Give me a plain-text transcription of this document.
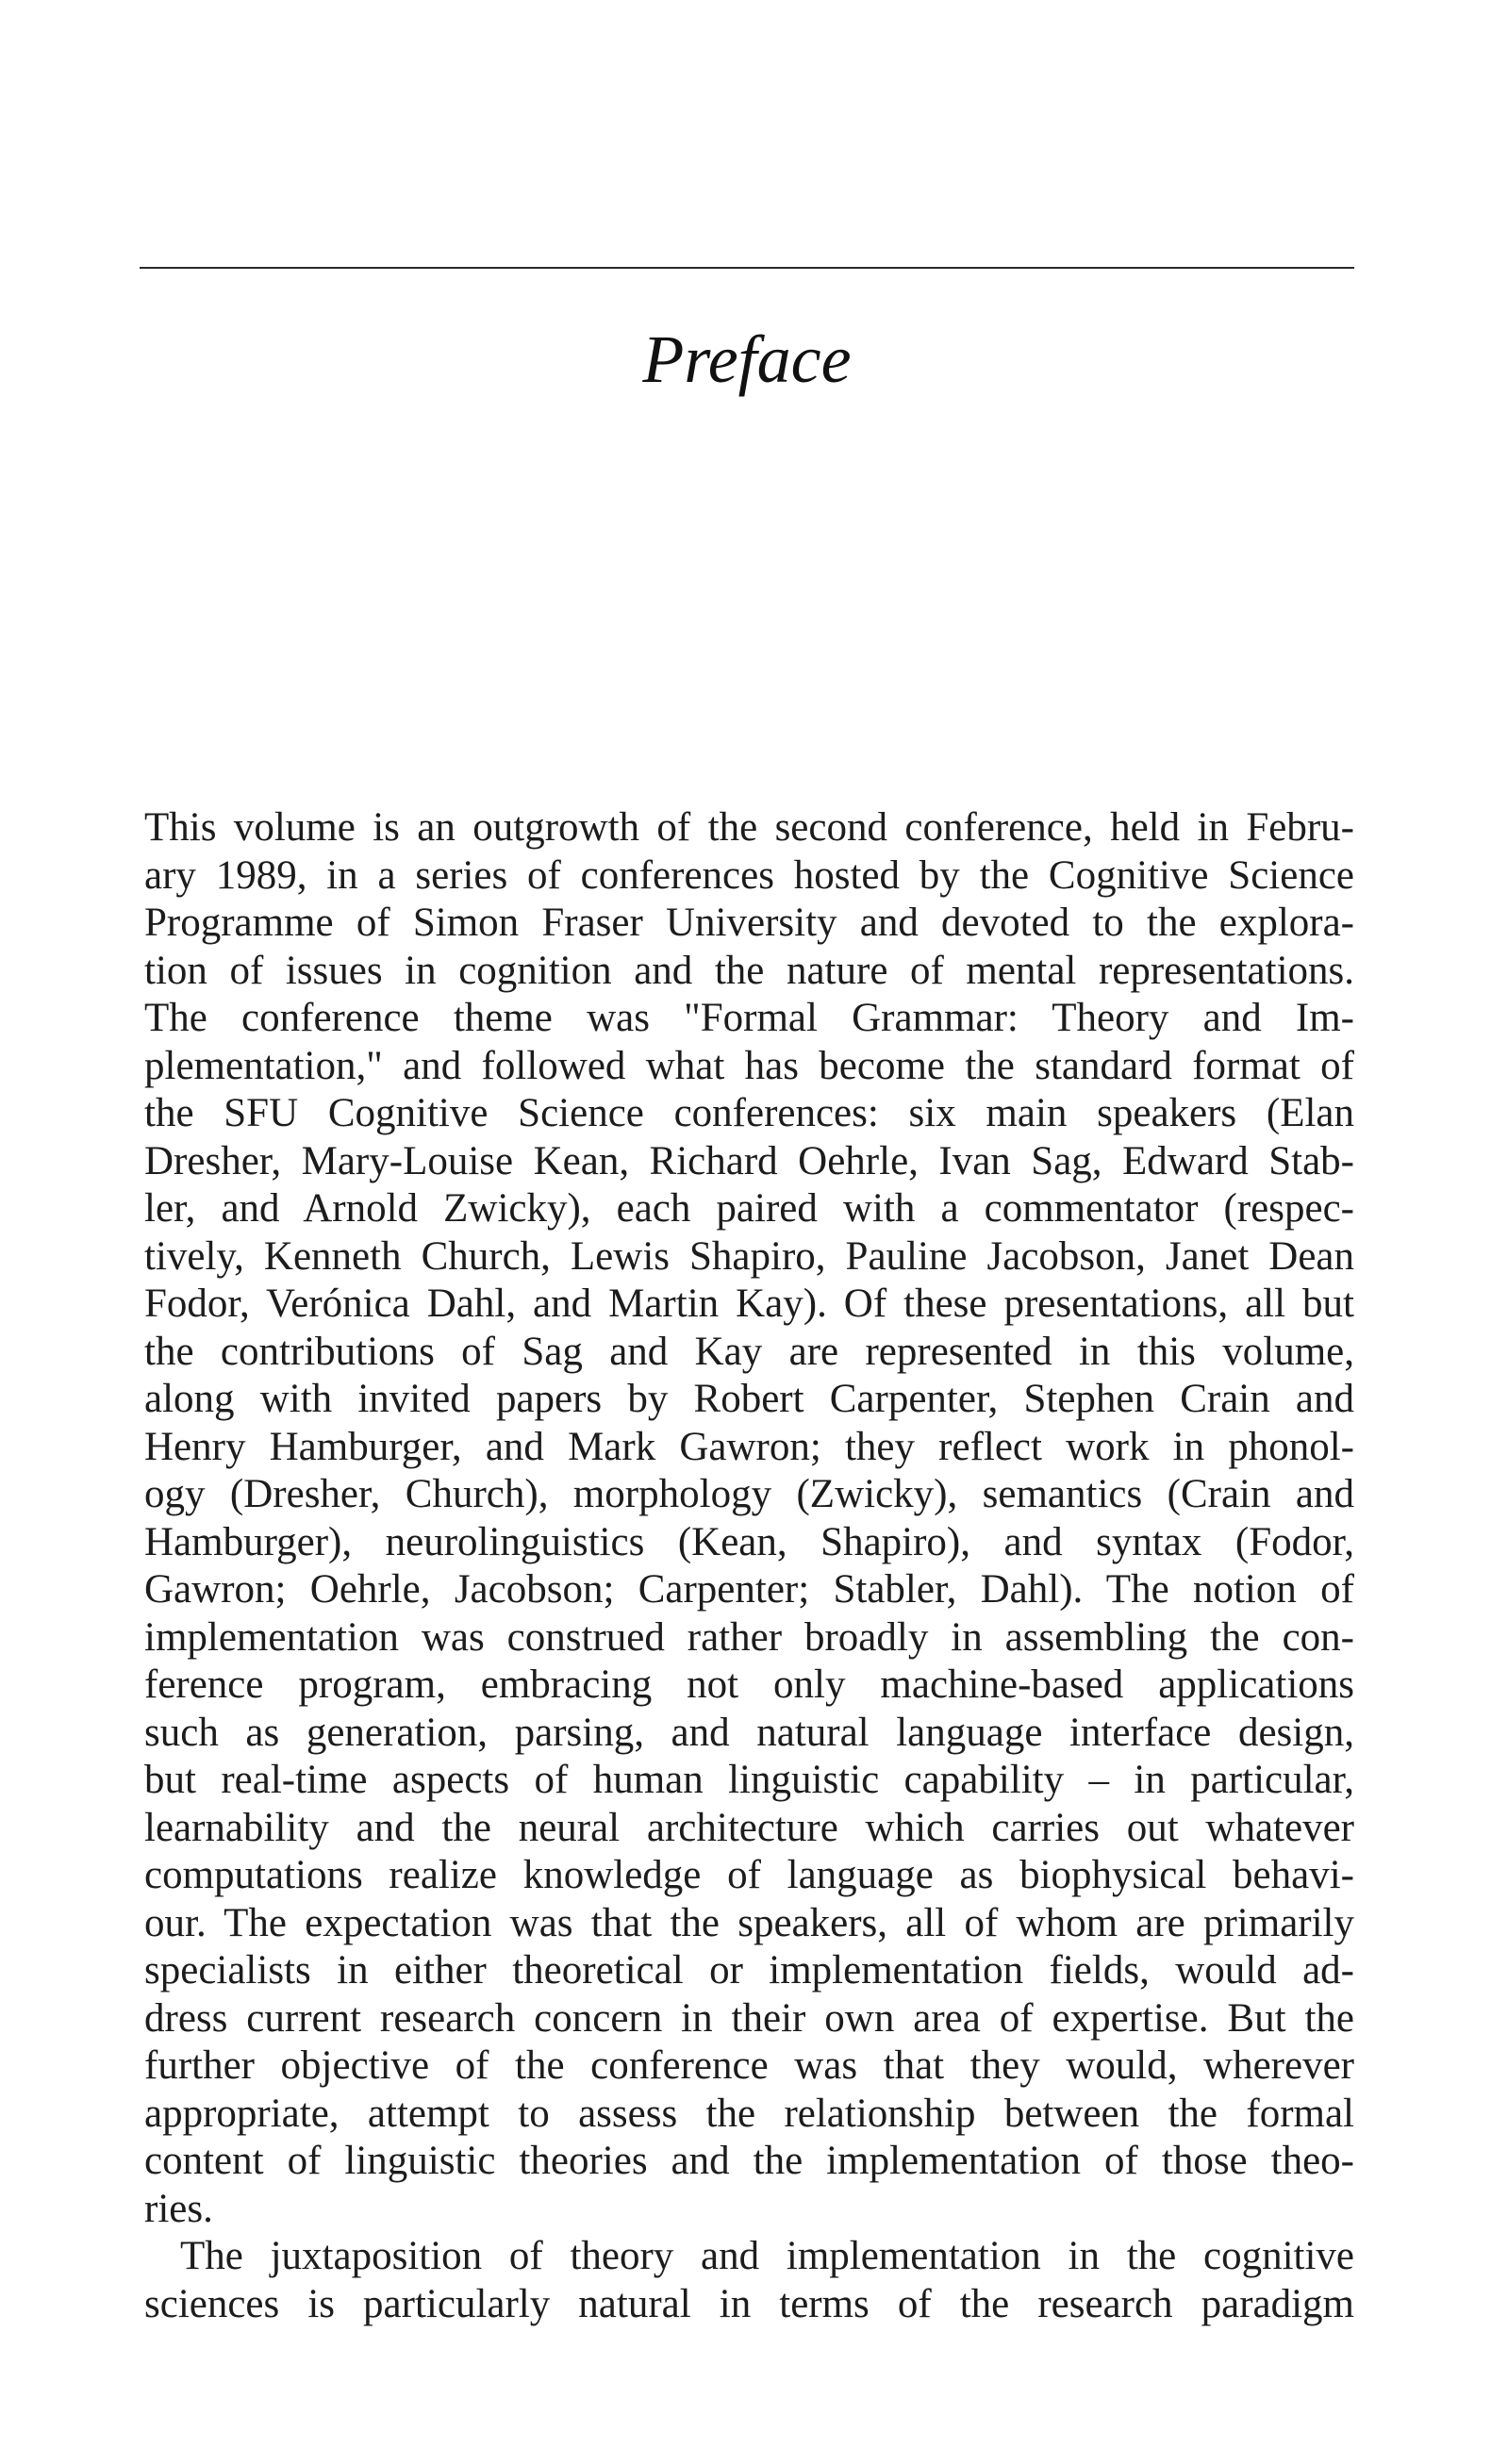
Preface

This volume is an outgrowth of the second conference, held in Febru-
ary 1989, in a series of conferences hosted by the Cognitive Science
Programme of Simon Fraser University and devoted to the explora-
tion of issues in cognition and the nature of mental representations.
The conference theme was "Formal Grammar: Theory and Im-
plementation," and followed what has become the standard format of
the SFU Cognitive Science conferences: six main speakers (Elan
Dresher, Mary-Louise Kean, Richard Oehrle, Ivan Sag, Edward Stab-
ler, and Arnold Zwicky), each paired with a commentator (respec-
tively, Kenneth Church, Lewis Shapiro, Pauline Jacobson, Janet Dean
Fodor, Verónica Dahl, and Martin Kay). Of these presentations, all but
the contributions of Sag and Kay are represented in this volume,
along with invited papers by Robert Carpenter, Stephen Crain and
Henry Hamburger, and Mark Gawron; they reflect work in phonol-
ogy (Dresher, Church), morphology (Zwicky), semantics (Crain and
Hamburger), neurolinguistics (Kean, Shapiro), and syntax (Fodor,
Gawron; Oehrle, Jacobson; Carpenter; Stabler, Dahl). The notion of
implementation was construed rather broadly in assembling the con-
ference program, embracing not only machine-based applications
such as generation, parsing, and natural language interface design,
but real-time aspects of human linguistic capability – in particular,
learnability and the neural architecture which carries out whatever
computations realize knowledge of language as biophysical behavi-
our. The expectation was that the speakers, all of whom are primarily
specialists in either theoretical or implementation fields, would ad-
dress current research concern in their own area of expertise. But the
further objective of the conference was that they would, wherever
appropriate, attempt to assess the relationship between the formal
content of linguistic theories and the implementation of those theo-
ries.

The juxtaposition of theory and implementation in the cognitive
sciences is particularly natural in terms of the research paradigm
